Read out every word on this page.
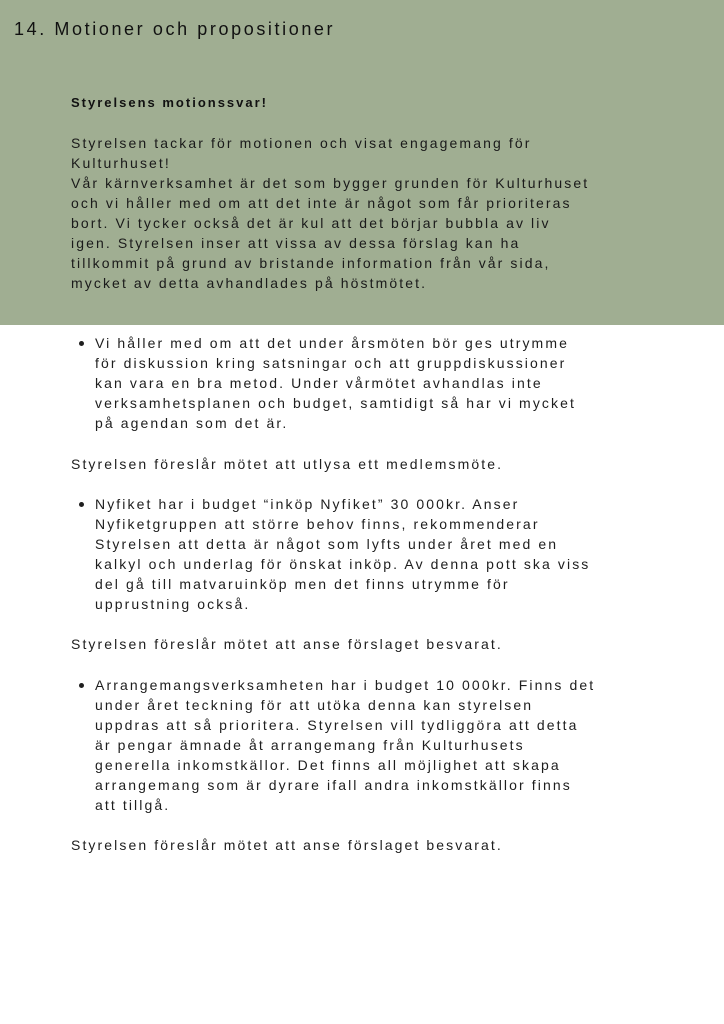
14. Motioner och propositioner
Styrelsens motionssvar!

Styrelsen tackar för motionen och visat engagemang för
Kulturhuset!
Vår kärnverksamhet är det som bygger grunden för Kulturhuset
och vi håller med om att det inte är något som får prioriteras
bort. Vi tycker också det är kul att det börjar bubbla av liv
igen. Styrelsen inser att vissa av dessa förslag kan ha
tillkommit på grund av bristande information från vår sida,
mycket av detta avhandlades på höstmötet.

Vi håller med om att det under årsmöten bör ges utrymme
för diskussion kring satsningar och att gruppdiskussioner
kan vara en bra metod. Under vårmötet avhandlas inte
verksamhetsplanen och budget, samtidigt så har vi mycket
på agendan som det är.

Styrelsen föreslår mötet att utlysa ett medlemsmöte.

Nyfiket har i budget “inköp Nyfiket” 30 000kr. Anser
Nyfiketgruppen att större behov finns, rekommenderar
Styrelsen att detta är något som lyfts under året med en
kalkyl och underlag för önskat inköp. Av denna pott ska viss
del gå till matvaruinköp men det finns utrymme för
upprustning också.

Styrelsen föreslår mötet att anse förslaget besvarat.

Arrangemangsverksamheten har i budget 10 000kr. Finns det
under året teckning för att utöka denna kan styrelsen
uppdras att så prioritera. Styrelsen vill tydliggöra att detta
är pengar ämnade åt arrangemang från Kulturhusets
generella inkomstkällor. Det finns all möjlighet att skapa
arrangemang som är dyrare ifall andra inkomstkällor finns
att tillgå.

Styrelsen föreslår mötet att anse förslaget besvarat.
